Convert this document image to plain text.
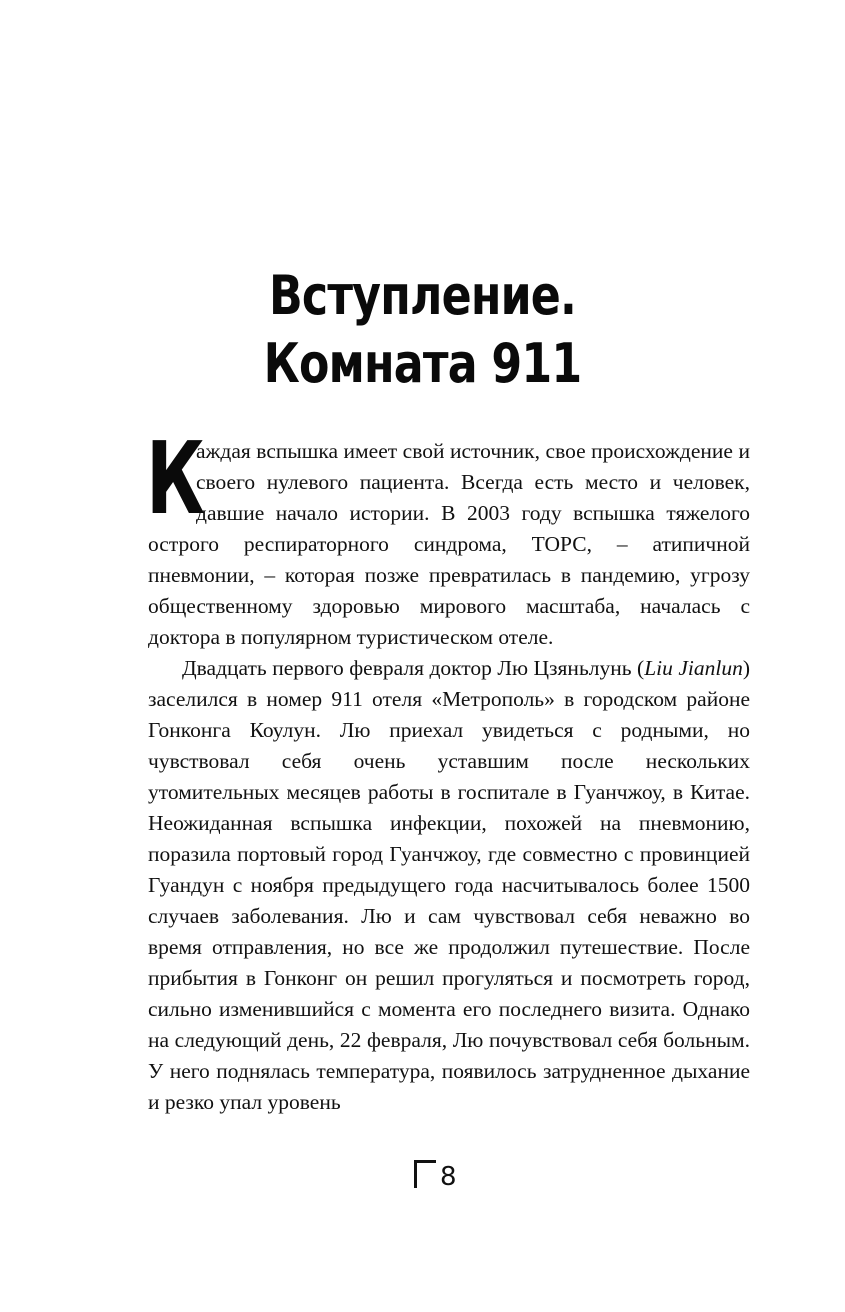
Вступление.
Комната 911

К
аждая вспышка имеет свой источник, свое происхождение и своего нулевого пациента. Всегда есть место и человек, давшие начало истории. В 2003 году вспышка тяжелого острого респираторного синдрома, ТОРС, – атипичной пневмонии, – которая позже превратилась в пандемию, угрозу общественному здоровью мирового масштаба, началась с доктора в популярном туристическом отеле.

Двадцать первого февраля доктор Лю Цзяньлунь (Liu Jianlun) заселился в номер 911 отеля «Метрополь» в городском районе Гонконга Коулун. Лю приехал увидеться с родными, но чувствовал себя очень уставшим после нескольких утомительных месяцев работы в госпитале в Гуанчжоу, в Китае. Неожиданная вспышка инфекции, похожей на пневмонию, поразила портовый город Гуанчжоу, где совместно с провинцией Гуандун с ноября предыдущего года насчитывалось более 1500 случаев заболевания. Лю и сам чувствовал себя неважно во время отправления, но все же продолжил путешествие. После прибытия в Гонконг он решил прогуляться и посмотреть город, сильно изменившийся с момента его последнего визита. Однако на следующий день, 22 февраля, Лю почувствовал себя больным. У него поднялась температура, появилось затрудненное дыхание и резко упал уровень

8
